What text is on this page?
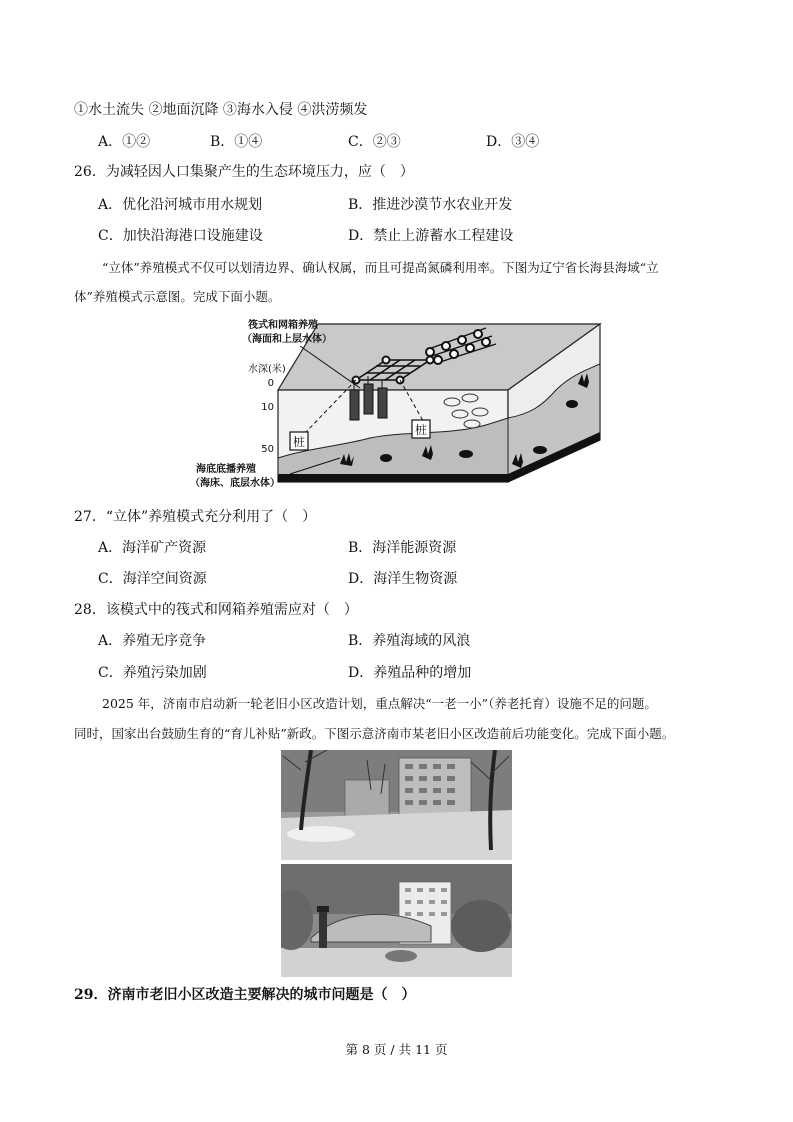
①水土流失 ②地面沉降 ③海水入侵 ④洪涝频发
A．①②	B．①④	C．②③	D．③④
26．为减轻因人口集聚产生的生态环境压力，应（　）
A．优化沿河城市用水规划	B．推进沙漠节水农业开发
C．加快沿海港口设施建设	D．禁止上游蓄水工程建设
“立体”养殖模式不仅可以划清边界、确认权属，而且可提高氮磷利用率。下图为辽宁省长海县海域“立
体”养殖模式示意图。完成下面小题。
桩
桩
水深(米)
0
10
50
筏式和网箱养殖
（海面和上层水体）
海底底播养殖
（海床、底层水体）
27．“立体”养殖模式充分利用了（　）
A．海洋矿产资源	B．海洋能源资源
C．海洋空间资源	D．海洋生物资源
28．该模式中的筏式和网箱养殖需应对（　）
A．养殖无序竞争	B．养殖海域的风浪
C．养殖污染加剧	D．养殖品种的增加
2025 年，济南市启动新一轮老旧小区改造计划，重点解决“一老一小”（养老托育）设施不足的问题。
同时，国家出台鼓励生育的“育儿补贴”新政。下图示意济南市某老旧小区改造前后功能变化。完成下面小题。
29．济南市老旧小区改造主要解决的城市问题是（　）
第 8 页 / 共 11 页
